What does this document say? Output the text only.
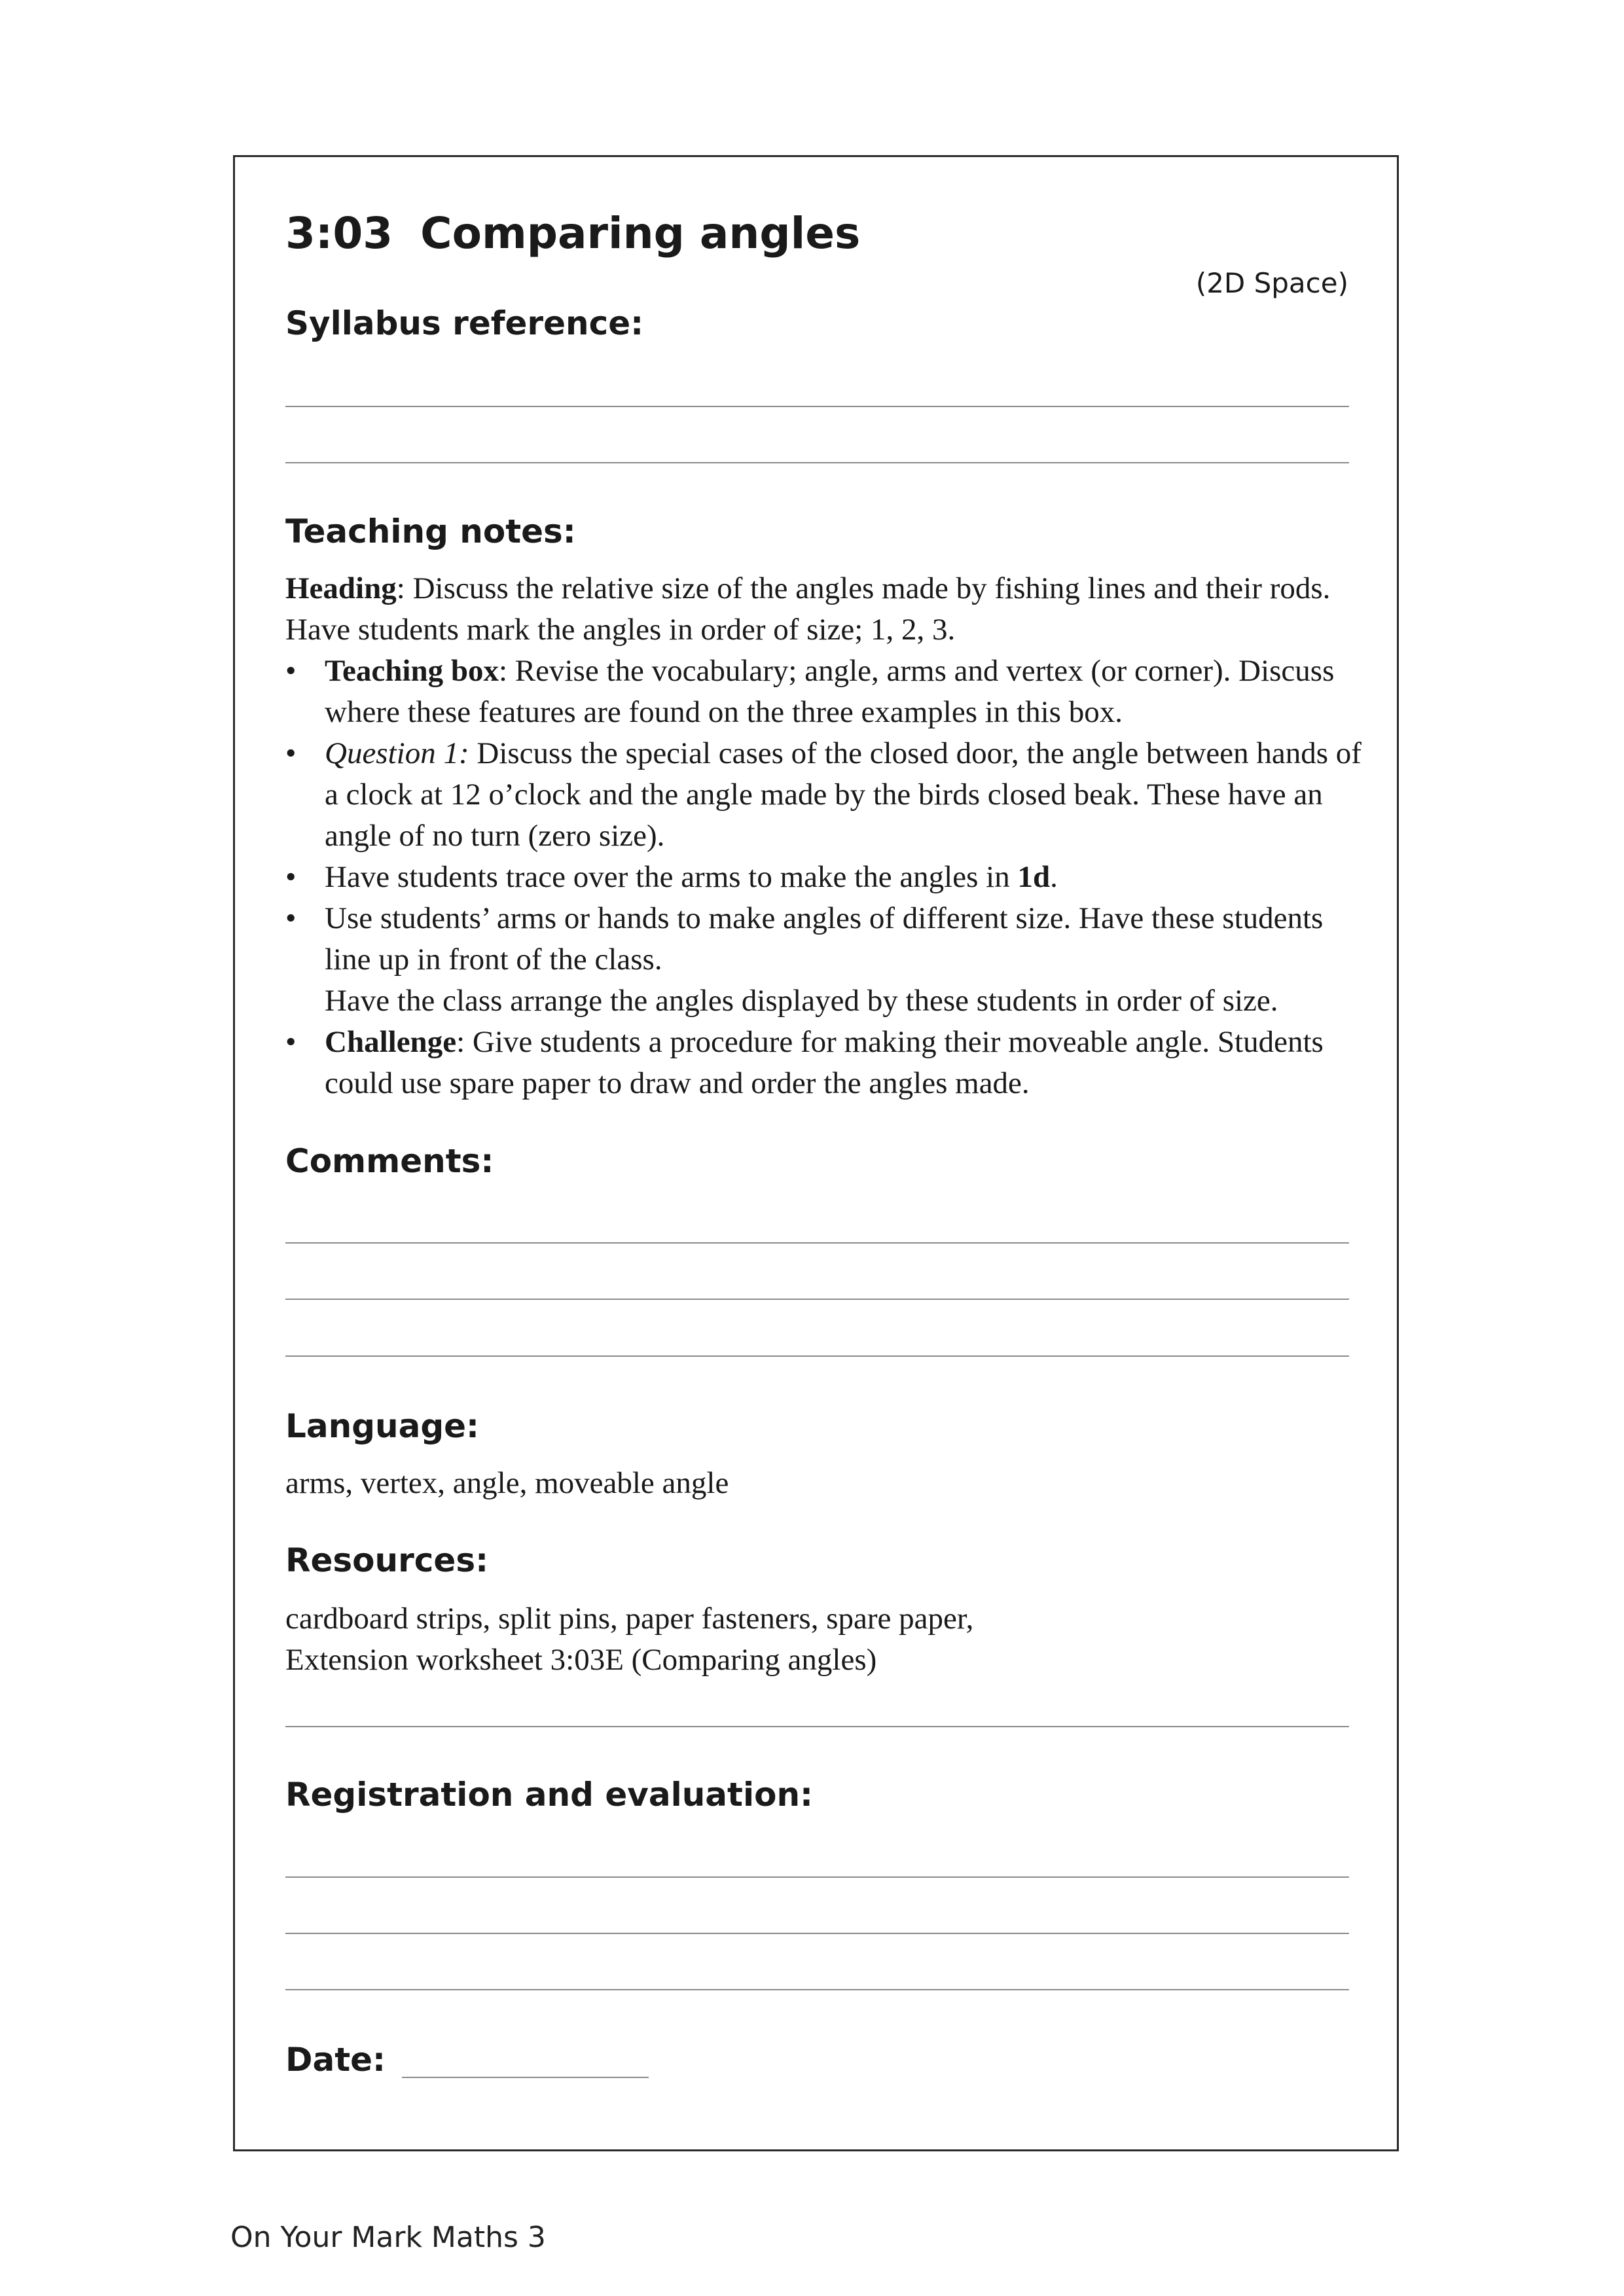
3:03 Comparing angles
(2D Space)
Syllabus reference:
Teaching notes:
Heading: Discuss the relative size of the angles made by fishing lines and their rods. Have students mark the angles in order of size; 1, 2, 3.
• Teaching box: Revise the vocabulary; angle, arms and vertex (or corner). Discuss where these features are found on the three examples in this box.
• Question 1: Discuss the special cases of the closed door, the angle between hands of a clock at 12 o’clock and the angle made by the birds closed beak. These have an angle of no turn (zero size).
• Have students trace over the arms to make the angles in 1d.
• Use students’ arms or hands to make angles of different size. Have these students line up in front of the class.
Have the class arrange the angles displayed by these students in order of size.
• Challenge: Give students a procedure for making their moveable angle. Students could use spare paper to draw and order the angles made.
Comments:
Language:
arms, vertex, angle, moveable angle
Resources:
cardboard strips, split pins, paper fasteners, spare paper,
Extension worksheet 3:03E (Comparing angles)
Registration and evaluation:
Date:
On Your Mark Maths 3
